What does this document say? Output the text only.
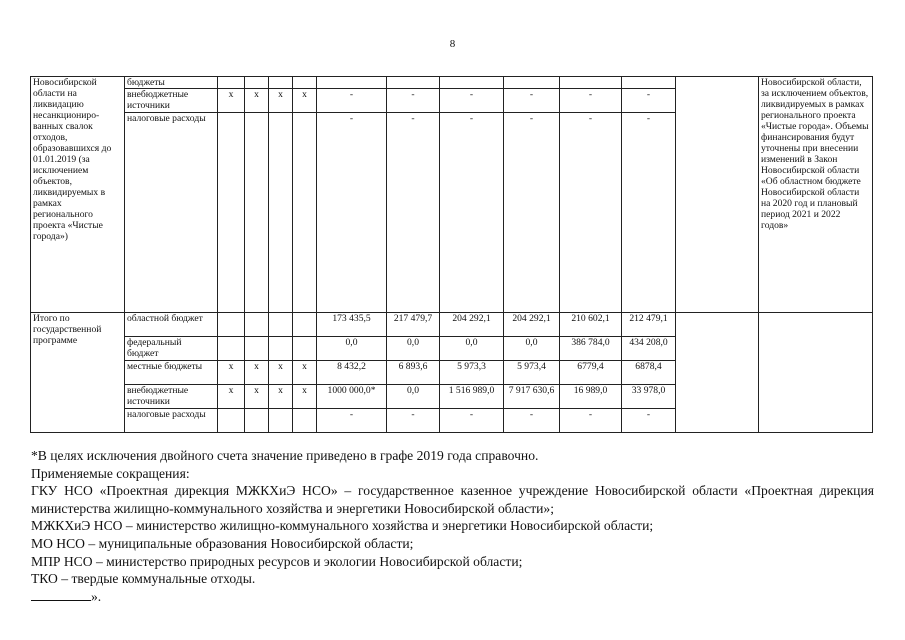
8
Новосибирской области на ликвидацию несанкциониро-ванных свалок отходов, образовавшихся до 01.01.2019 (за исключением объектов, ликвидируемых в рамках регионального проекта «Чистые города»)	бюджеты												Новосибирской области, за исключением объектов, ликвидируемых в рамках регионального проекта «Чистые города». Объемы финансирования будут уточнены при внесении изменений в Закон Новосибирской области «Об областном бюджете Новосибирской области на 2020 год и плановый период 2021 и 2022 годов»
	внебюджетные источники	x	x	x	x	-	-	-	-	-	-		
	налоговые расходы					-	-	-	-	-	-		
Итого по государственной программе	областной бюджет					173 435,5	217 479,7	204 292,1	204 292,1	210 602,1	212 479,1		
	федеральный бюджет					0,0	0,0	0,0	0,0	386 784,0	434 208,0		
	местные бюджеты	x	x	x	x	8 432,2	6 893,6	5 973,3	5 973,4	6779,4	6878,4		
	внебюджетные источники	x	x	x	x	1000 000,0*	0,0	1 516 989,0	7 917 630,6	16 989,0	33 978,0		
	налоговые расходы					-	-	-	-	-	-		

*В целях исключения двойного счета значение приведено в графе 2019 года справочно.

Применяемые сокращения:

ГКУ НСО «Проектная дирекция МЖКХиЭ НСО» – государственное казенное учреждение Новосибирской области «Проектная дирекция министерства жилищно-коммунального хозяйства и энергетики Новосибирской области»;

МЖКХиЭ НСО – министерство жилищно-коммунального хозяйства и энергетики Новосибирской области;

МО НСО – муниципальные образования Новосибирской области;

МПР НСО – министерство природных ресурсов и экологии Новосибирской области;

ТКО – твердые коммунальные отходы.

».
